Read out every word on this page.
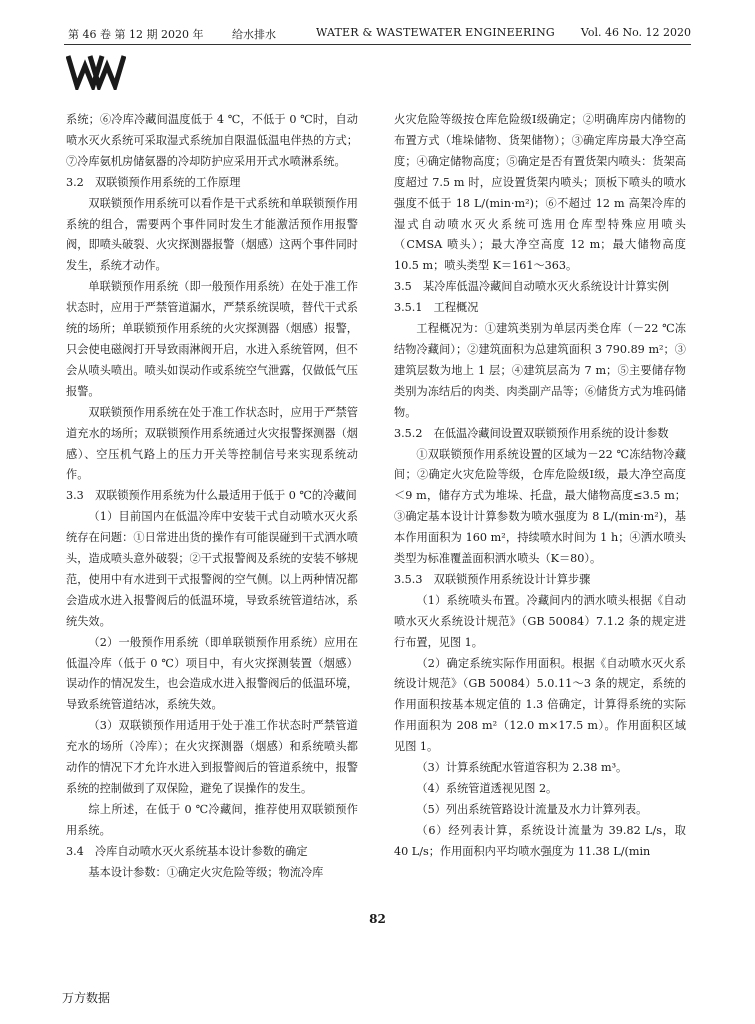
第 46 卷 第 12 期 2020 年	给水排水	WATER & WASTEWATER ENGINEERING Vol. 46 No. 12 2020

系统；⑥冷库冷藏间温度低于 4 ℃，不低于 0 ℃时，自动喷水灭火系统可采取湿式系统加自限温低温电伴热的方式；⑦冷库氨机房储氨器的冷却防护应采用开式水喷淋系统。

3.2　双联锁预作用系统的工作原理

双联锁预作用系统可以看作是干式系统和单联锁预作用系统的组合，需要两个事件同时发生才能激活预作用报警阀，即喷头破裂、火灾探测器报警（烟感）这两个事件同时发生，系统才动作。

单联锁预作用系统（即一般预作用系统）在处于准工作状态时，应用于严禁管道漏水，严禁系统误喷，替代干式系统的场所；单联锁预作用系统的火灾探测器（烟感）报警，只会使电磁阀打开导致雨淋阀开启，水进入系统管网，但不会从喷头喷出。喷头如误动作或系统空气泄露，仅做低气压报警。

双联锁预作用系统在处于准工作状态时，应用于严禁管道充水的场所；双联锁预作用系统通过火灾报警探测器（烟感）、空压机气路上的压力开关等控制信号来实现系统动作。

3.3　双联锁预作用系统为什么最适用于低于 0 ℃的冷藏间

（1）目前国内在低温冷库中安装干式自动喷水灭火系统存在问题：①日常进出货的操作有可能误碰到干式洒水喷头，造成喷头意外破裂；②干式报警阀及系统的安装不够规范，使用中有水进到干式报警阀的空气侧。以上两种情况都会造成水进入报警阀后的低温环境，导致系统管道结冰，系统失效。

（2）一般预作用系统（即单联锁预作用系统）应用在低温冷库（低于 0 ℃）项目中，有火灾探测装置（烟感）误动作的情况发生，也会造成水进入报警阀后的低温环境，导致系统管道结冰，系统失效。

（3）双联锁预作用适用于处于准工作状态时严禁管道充水的场所（冷库）；在火灾探测器（烟感）和系统喷头都动作的情况下才允许水进入到报警阀后的管道系统中，报警系统的控制做到了双保险，避免了误操作的发生。

综上所述，在低于 0 ℃冷藏间，推荐使用双联锁预作用系统。

3.4　冷库自动喷水灭火系统基本设计参数的确定

基本设计参数：①确定火灾危险等级；物流冷库

火灾危险等级按仓库危险级Ⅰ级确定；②明确库房内储物的布置方式（堆垛储物、货架储物）；③确定库房最大净空高度；④确定储物高度；⑤确定是否有置货架内喷头：货架高度超过 7.5 m 时，应设置货架内喷头；顶板下喷头的喷水强度不低于 18 L/(min·m²)；⑥不超过 12 m 高架冷库的湿式自动喷水灭火系统可选用仓库型特殊应用喷头（CMSA 喷头）；最大净空高度 12 m；最大储物高度 10.5 m；喷头类型 K＝161～363。

3.5　某冷库低温冷藏间自动喷水灭火系统设计计算实例

3.5.1　工程概况

工程概况为：①建筑类别为单层丙类仓库（－22 ℃冻结物冷藏间）；②建筑面积为总建筑面积 3 790.89 m²；③建筑层数为地上 1 层；④建筑层高为 7 m；⑤主要储存物类别为冻结后的肉类、肉类副产品等；⑥储货方式为堆码储物。

3.5.2　在低温冷藏间设置双联锁预作用系统的设计参数

①双联锁预作用系统设置的区域为－22 ℃冻结物冷藏间；②确定火灾危险等级，仓库危险级Ⅰ级，最大净空高度＜9 m，储存方式为堆垛、托盘，最大储物高度≤3.5 m；③确定基本设计计算参数为喷水强度为 8 L/(min·m²)，基本作用面积为 160 m²，持续喷水时间为 1 h；④洒水喷头类型为标准覆盖面积洒水喷头（K＝80）。

3.5.3　双联锁预作用系统设计计算步骤

（1）系统喷头布置。冷藏间内的洒水喷头根据《自动喷水灭火系统设计规范》（GB 50084）7.1.2 条的规定进行布置，见图 1。

（2）确定系统实际作用面积。根据《自动喷水灭火系统设计规范》（GB 50084）5.0.11～3 条的规定，系统的作用面积按基本规定值的 1.3 倍确定，计算得系统的实际作用面积为 208 m²（12.0 m×17.5 m）。作用面积区域见图 1。

（3）计算系统配水管道容积为 2.38 m³。

（4）系统管道透视见图 2。

（5）列出系统管路设计流量及水力计算列表。

（6）经列表计算，系统设计流量为 39.82 L/s，取 40 L/s；作用面积内平均喷水强度为 11.38 L/(min

82
万方数据
